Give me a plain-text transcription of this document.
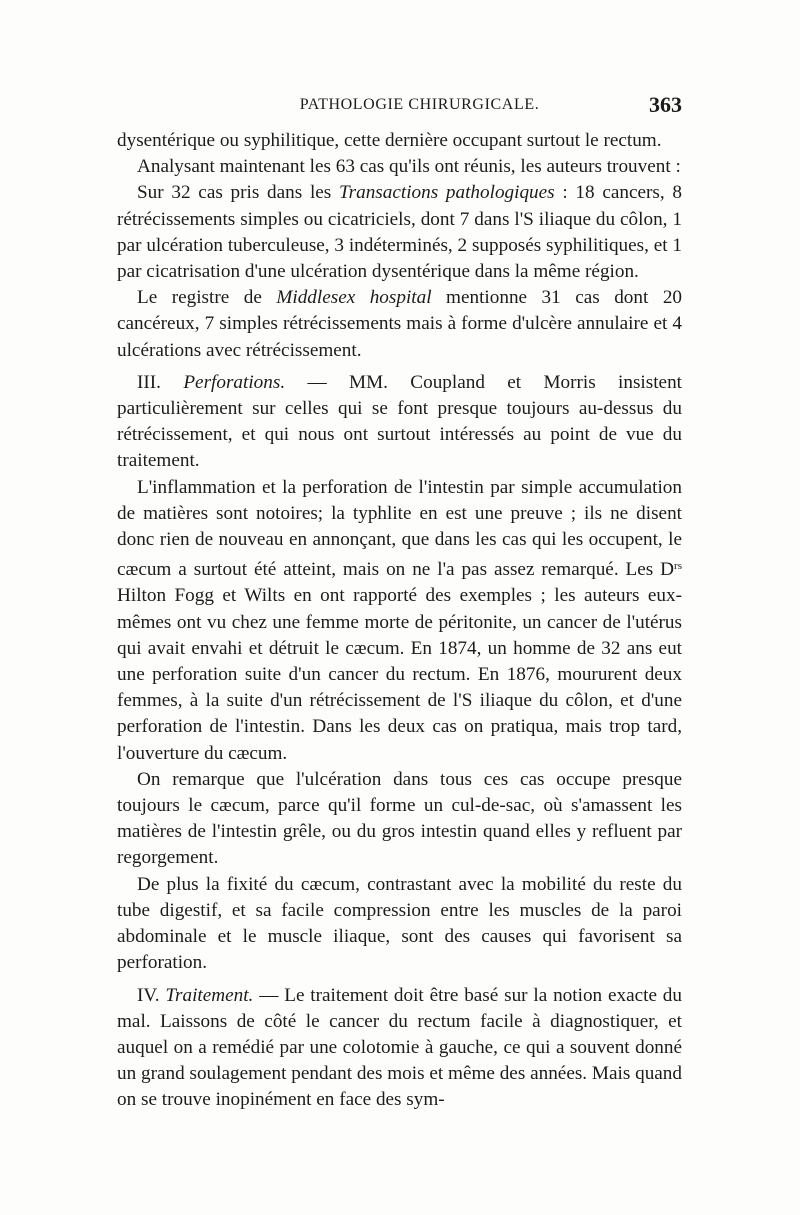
PATHOLOGIE CHIRURGICALE.	363

dysentérique ou syphilitique, cette dernière occupant surtout le rectum.

Analysant maintenant les 63 cas qu'ils ont réunis, les auteurs trouvent :

Sur 32 cas pris dans les Transactions pathologiques : 18 cancers, 8 rétrécissements simples ou cicatriciels, dont 7 dans l'S iliaque du côlon, 1 par ulcération tuberculeuse, 3 indéterminés, 2 supposés syphilitiques, et 1 par cicatrisation d'une ulcération dysentérique dans la même région.

Le registre de Middlesex hospital mentionne 31 cas dont 20 cancéreux, 7 simples rétrécissements mais à forme d'ulcère annulaire et 4 ulcérations avec rétrécissement.

III. Perforations. — MM. Coupland et Morris insistent particulièrement sur celles qui se font presque toujours au-dessus du rétrécissement, et qui nous ont surtout intéressés au point de vue du traitement.

L'inflammation et la perforation de l'intestin par simple accumulation de matières sont notoires; la typhlite en est une preuve ; ils ne disent donc rien de nouveau en annonçant, que dans les cas qui les occupent, le cæcum a surtout été atteint, mais on ne l'a pas assez remarqué. Les $D^{rs}$ Hilton Fogg et Wilts en ont rapporté des exemples ; les auteurs eux-mêmes ont vu chez une femme morte de péritonite, un cancer de l'utérus qui avait envahi et détruit le cæcum. En 1874, un homme de 32 ans eut une perforation suite d'un cancer du rectum. En 1876, moururent deux femmes, à la suite d'un rétrécissement de l'S iliaque du côlon, et d'une perforation de l'intestin. Dans les deux cas on pratiqua, mais trop tard, l'ouverture du cæcum.

On remarque que l'ulcération dans tous ces cas occupe presque toujours le cæcum, parce qu'il forme un cul-de-sac, où s'amassent les matières de l'intestin grêle, ou du gros intestin quand elles y refluent par regorgement.

De plus la fixité du cæcum, contrastant avec la mobilité du reste du tube digestif, et sa facile compression entre les muscles de la paroi abdominale et le muscle iliaque, sont des causes qui favorisent sa perforation.

IV. Traitement. — Le traitement doit être basé sur la notion exacte du mal. Laissons de côté le cancer du rectum facile à diagnostiquer, et auquel on a remédié par une colotomie à gauche, ce qui a souvent donné un grand soulagement pendant des mois et même des années. Mais quand on se trouve inopinément en face des sym-
